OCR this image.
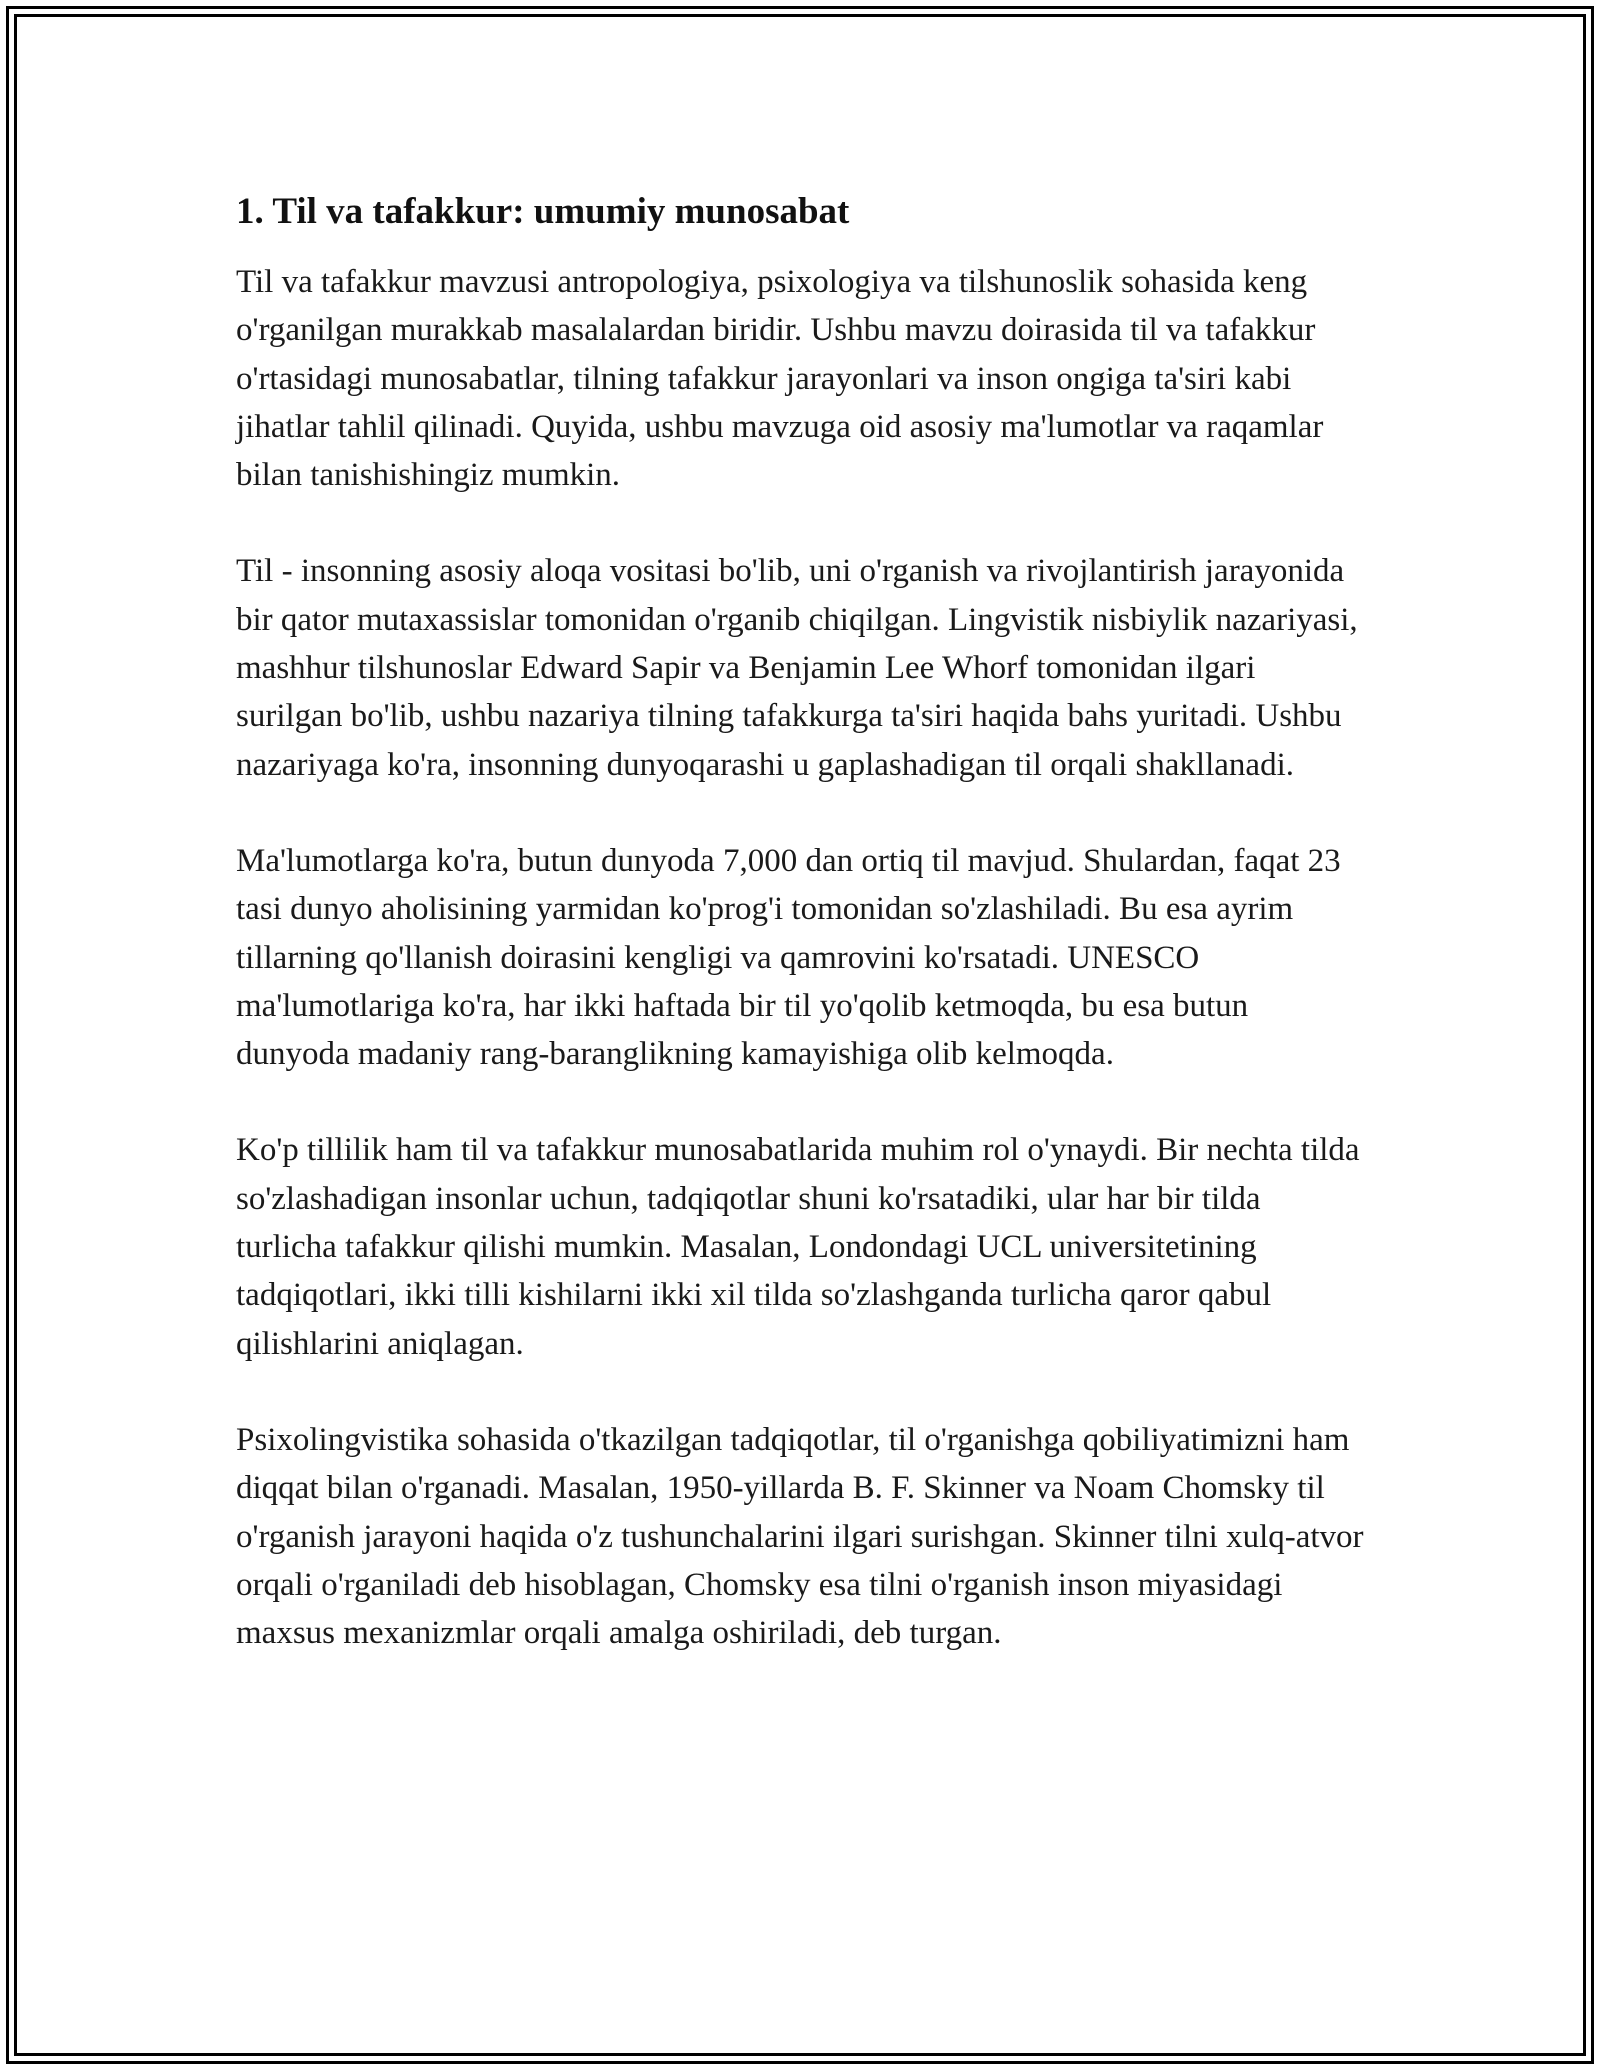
1. Til va tafakkur: umumiy munosabat

Til va tafakkur mavzusi antropologiya, psixologiya va tilshunoslik sohasida keng o'rganilgan murakkab masalalardan biridir. Ushbu mavzu doirasida til va tafakkur o'rtasidagi munosabatlar, tilning tafakkur jarayonlari va inson ongiga ta'siri kabi jihatlar tahlil qilinadi. Quyida, ushbu mavzuga oid asosiy ma'lumotlar va raqamlar bilan tanishishingiz mumkin.

Til - insonning asosiy aloqa vositasi bo'lib, uni o'rganish va rivojlantirish jarayonida bir qator mutaxassislar tomonidan o'rganib chiqilgan. Lingvistik nisbiylik nazariyasi, mashhur tilshunoslar Edward Sapir va Benjamin Lee Whorf tomonidan ilgari surilgan bo'lib, ushbu nazariya tilning tafakkurga ta'siri haqida bahs yuritadi. Ushbu nazariyaga ko'ra, insonning dunyoqarashi u gaplashadigan til orqali shakllanadi.

Ma'lumotlarga ko'ra, butun dunyoda 7,000 dan ortiq til mavjud. Shulardan, faqat 23 tasi dunyo aholisining yarmidan ko'prog'i tomonidan so'zlashiladi. Bu esa ayrim tillarning qo'llanish doirasini kengligi va qamrovini ko'rsatadi. UNESCO ma'lumotlariga ko'ra, har ikki haftada bir til yo'qolib ketmoqda, bu esa butun dunyoda madaniy rang-baranglikning kamayishiga olib kelmoqda.

Ko'p tillilik ham til va tafakkur munosabatlarida muhim rol o'ynaydi. Bir nechta tilda so'zlashadigan insonlar uchun, tadqiqotlar shuni ko'rsatadiki, ular har bir tilda turlicha tafakkur qilishi mumkin. Masalan, Londondagi UCL universitetining tadqiqotlari, ikki tilli kishilarni ikki xil tilda so'zlashganda turlicha qaror qabul qilishlarini aniqlagan.

Psixolingvistika sohasida o'tkazilgan tadqiqotlar, til o'rganishga qobiliyatimizni ham diqqat bilan o'rganadi. Masalan, 1950-yillarda B. F. Skinner va Noam Chomsky til o'rganish jarayoni haqida o'z tushunchalarini ilgari surishgan. Skinner tilni xulq-atvor orqali o'rganiladi deb hisoblagan, Chomsky esa tilni o'rganish inson miyasidagi maxsus mexanizmlar orqali amalga oshiriladi, deb turgan.
